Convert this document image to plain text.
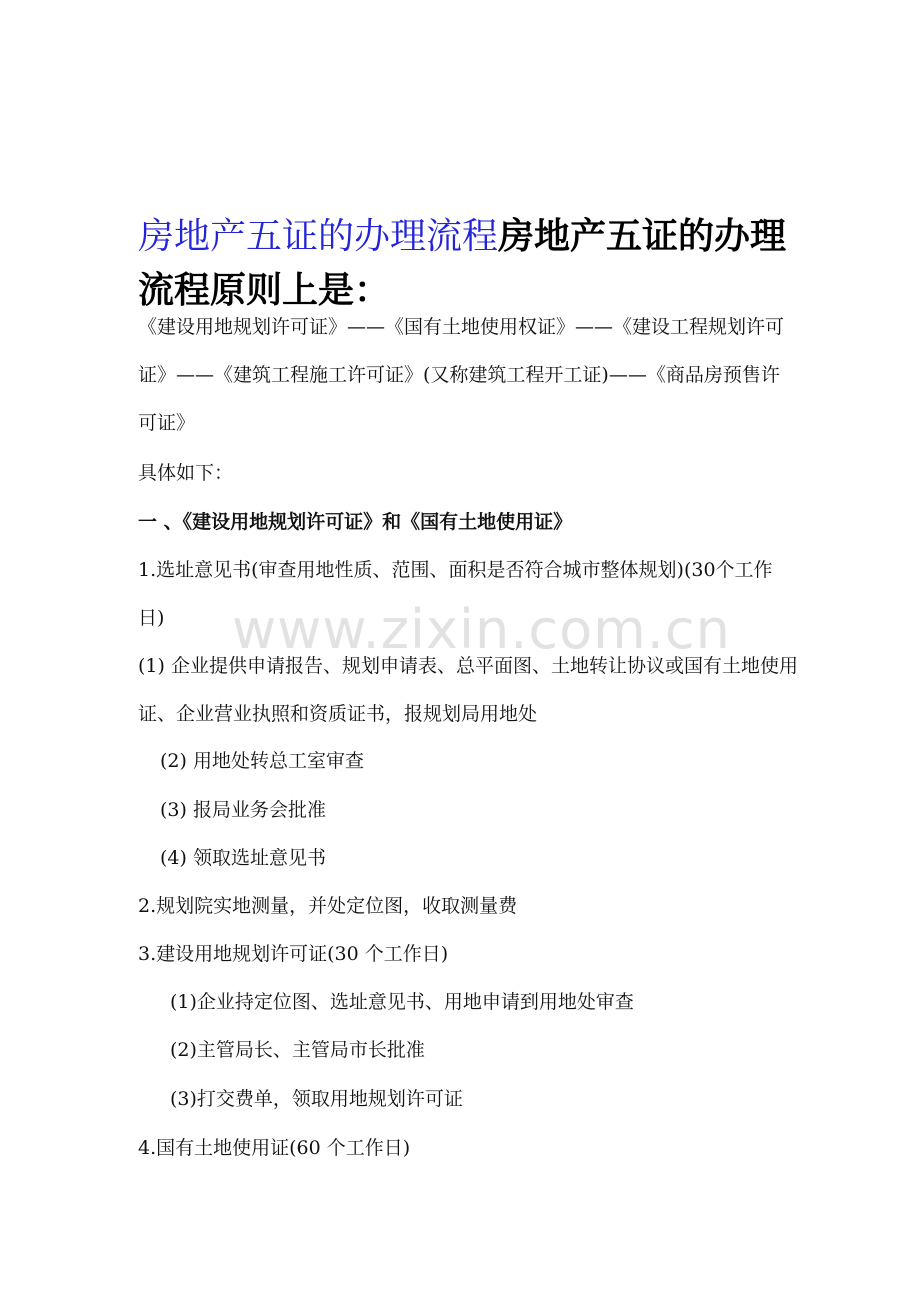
www.zixin.com.cn
房地产五证的办理流程房地产五证的办理流程原则上是：

《建设用地规划许可证》——《国有土地使用权证》——《建设工程规划许可证》——《建筑工程施工许可证》(又称建筑工程开工证)——《商品房预售许可证》

具体如下：

一 、《建设用地规划许可证》和《国有土地使用证》

1.选址意见书(审查用地性质、范围、面积是否符合城市整体规划)(30个工作日)

(1) 企业提供申请报告、规划申请表、总平面图、土地转让协议或国有土地使用证、企业营业执照和资质证书，报规划局用地处

(2) 用地处转总工室审查

(3) 报局业务会批准

(4) 领取选址意见书

2.规划院实地测量，并处定位图，收取测量费

3.建设用地规划许可证(30 个工作日)

(1)企业持定位图、选址意见书、用地申请到用地处审查

(2)主管局长、主管局市长批准

(3)打交费单，领取用地规划许可证

4.国有土地使用证(60 个工作日)
